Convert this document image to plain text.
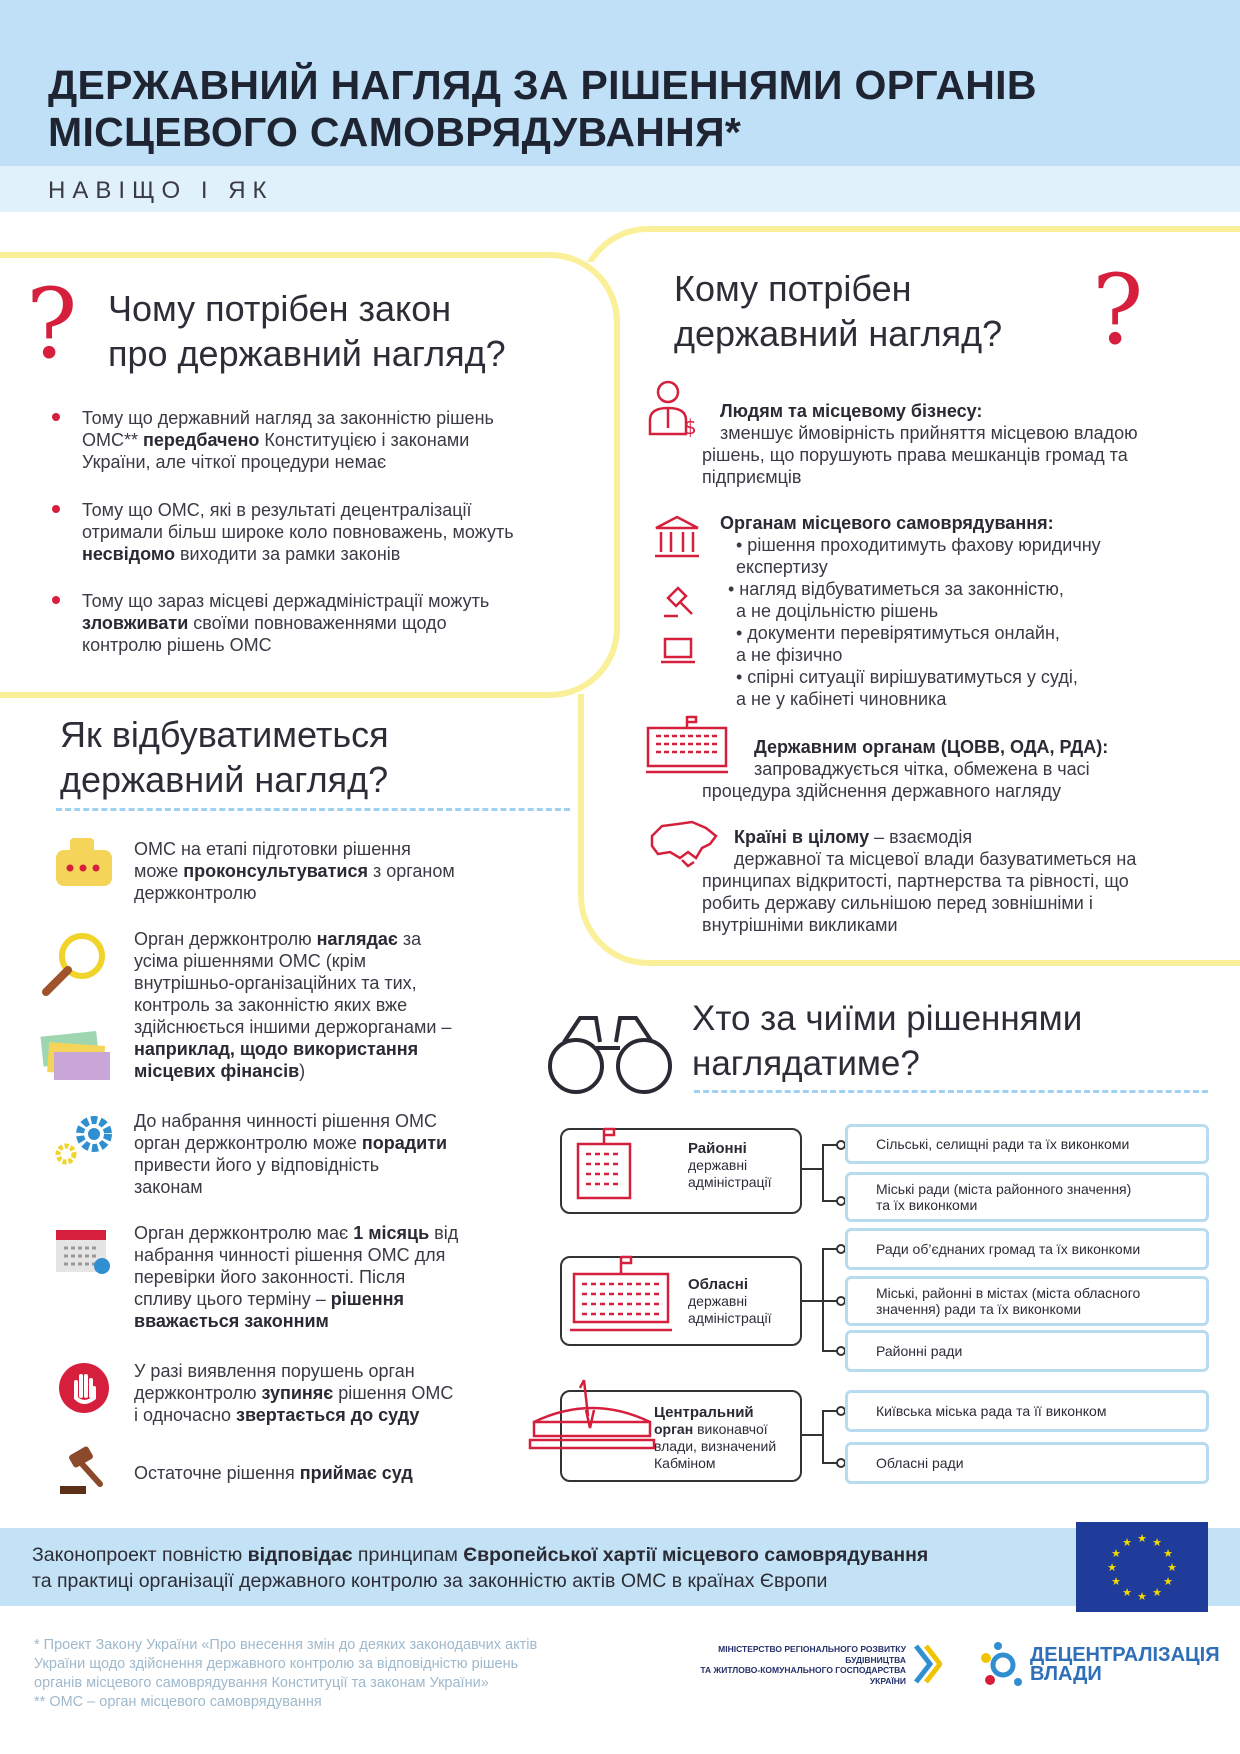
ДЕРЖАВНИЙ НАГЛЯД ЗА РІШЕННЯМИ ОРГАНІВ
МІСЦЕВОГО САМОВРЯДУВАННЯ*
НАВІЩО І ЯК
? Чому потрібен закон
про державний нагляд?

Тому що державний нагляд за законністю рішень
ОМС** передбачено Конституцією і законами
України, але чіткої процедури немає

Тому що ОМС, які в результаті децентралізації
отримали більш широке коло повноважень, можуть
несвідомо виходити за рамки законів

Тому що зараз місцеві держадміністрації можуть
зловживати своїми повноваженнями щодо
контролю рішень ОМС

Кому потрібен
державний нагляд? ?
$
Людям та місцевому бізнесу:
зменшує ймовірність прийняття місцевою владою
рішень, що порушують права мешканців громад та
підприємців
Органам місцевого самоврядування:
• рішення проходитимуть фахову юридичну
експертизу
• нагляд відбуватиметься за законністю,
а не доцільністю рішень
• документи перевірятимуться онлайн,
а не фізично
• спірні ситуації вирішуватимуться у суді,
а не у кабінеті чиновника
Державним органам (ЦОВВ, ОДА, РДА):
запроваджується чітка, обмежена в часі
процедура здійснення державного нагляду
Країні в цілому – взаємодія
державної та місцевої влади базуватиметься на
принципах відкритості, партнерства та рівності, що
робить державу сильнішою перед зовнішніми і
внутрішніми викликами
Як відбуватиметься
державний нагляд?
ОМС на етапі підготовки рішення
може проконсультуватися з органом
держконтролю
Орган держконтролю наглядає за
усіма рішеннями ОМС (крім
внутрішньо-організаційних та тих,
контроль за законністю яких вже
здійснюється іншими держорганами –
наприклад, щодо використання
місцевих фінансів)
До набрання чинності рішення ОМС
орган держконтролю може порадити
привести його у відповідність
законам
Орган держконтролю має 1 місяць від
набрання чинності рішення ОМС для
перевірки його законності. Після
спливу цього терміну – рішення
вважається законним
У разі виявлення порушень орган
держконтролю зупиняє рішення ОМС
і одночасно звертається до суду
Остаточне рішення приймає суд
Хто за чиїми рішеннями
наглядатиме?
Районні
державні
адміністрації
Обласні
державні
адміністрації
Центральний
орган виконавчої
влади, визначений
Кабміном
Сільські, селищні ради та їх виконкоми
Міські ради (міста районного значення)
та їх виконкоми
Ради об’єднаних громад та їх виконкоми
Міські, районні в містах (міста обласного
значення) ради та їх виконкоми
Районні ради
Київська міська рада та її виконком
Обласні ради
Законопроект повністю відповідає принципам Європейської хартії місцевого самоврядування
та практиці організації державного контролю за законністю актів ОМС в країнах Європи
★ ★
★
★
★
★
★
★
★
★
★
★
* Проект Закону України «Про внесення змін до деяких законодавчих актів
України щодо здійснення державного контролю за відповідністю рішень
органів місцевого самоврядування Конституції та законам України»
** ОМС – орган місцевого самоврядування
МІНІСТЕРСТВО РЕГІОНАЛЬНОГО РОЗВИТКУ
БУДІВНИЦТВА
ТА ЖИТЛОВО-КОМУНАЛЬНОГО ГОСПОДАРСТВА
УКРАЇНИ
ДЕЦЕНТРАЛІЗАЦІЯ
ВЛАДИ
